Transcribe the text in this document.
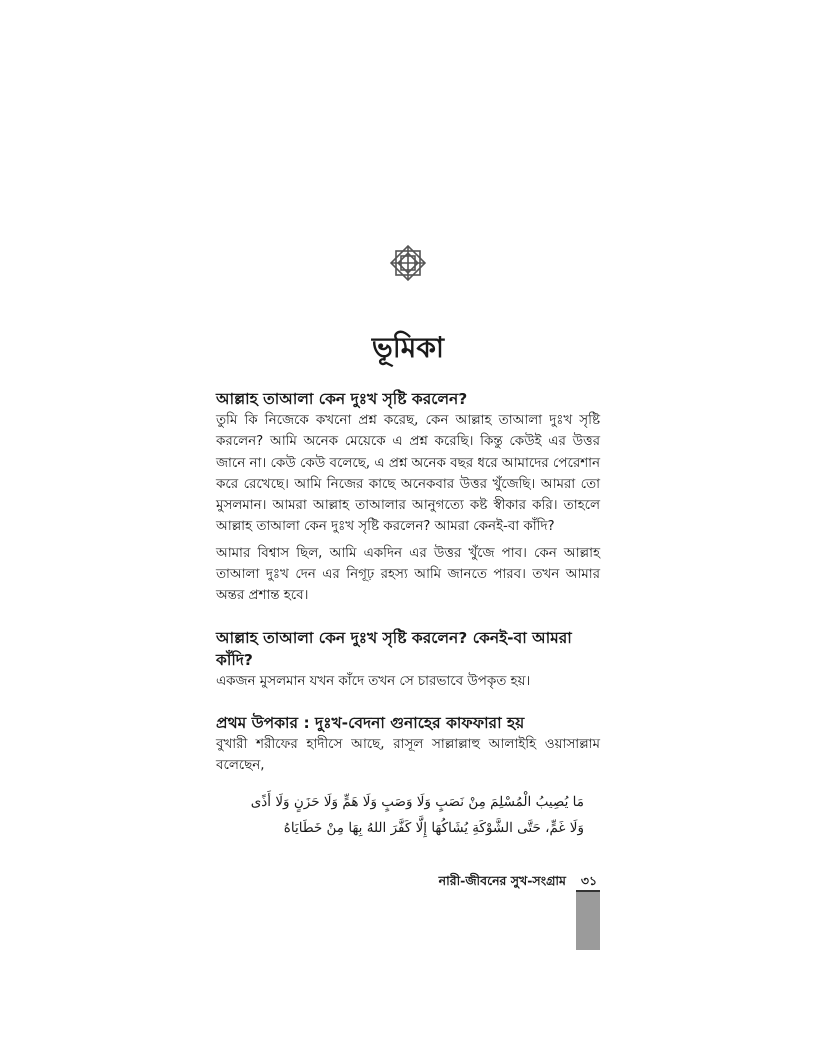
ভূমিকা

আল্লাহ তাআলা কেন দুঃখ সৃষ্টি করলেন?

তুমি কি নিজেকে কখনো প্রশ্ন করেছ, কেন আল্লাহ তাআলা দুঃখ সৃষ্টি করলেন? আমি অনেক মেয়েকে এ প্রশ্ন করেছি। কিন্তু কেউই এর উত্তর জানে না। কেউ কেউ বলেছে, এ প্রশ্ন অনেক বছর ধরে আমাদের পেরেশান করে রেখেছে। আমি নিজের কাছে অনেকবার উত্তর খুঁজেছি। আমরা তো মুসলমান। আমরা আল্লাহ তাআলার আনুগত্যে কষ্ট স্বীকার করি। তাহলে আল্লাহ তাআলা কেন দুঃখ সৃষ্টি করলেন? আমরা কেনই-বা কাঁদি?

আমার বিশ্বাস ছিল, আমি একদিন এর উত্তর খুঁজে পাব। কেন আল্লাহ তাআলা দুঃখ দেন এর নিগূঢ় রহস্য আমি জানতে পারব। তখন আমার অন্তর প্রশান্ত হবে।

আল্লাহ তাআলা কেন দুঃখ সৃষ্টি করলেন? কেনই-বা আমরা কাঁদি?

একজন মুসলমান যখন কাঁদে তখন সে চারভাবে উপকৃত হয়।

প্রথম উপকার : দুঃখ-বেদনা গুনাহের কাফফারা হয়

বুখারী শরীফের হাদীসে আছে, রাসূল সাল্লাল্লাহু আলাইহি ওয়াসাল্লাম বলেছেন,

مَا يُصِيبُ الْمُسْلِمَ مِنْ نَصَبٍ وَلَا وَصَبٍ وَلَا هَمٍّ وَلَا حَزَنٍ وَلَا أَذًى

وَلَا غَمٍّ، حَتَّى الشَّوْكَةِ يُشَاكُهَا إِلَّا كَفَّرَ اللهُ بِهَا مِنْ خَطَايَاهُ

নারী-জীবনের সুখ-সংগ্রাম ৩১
